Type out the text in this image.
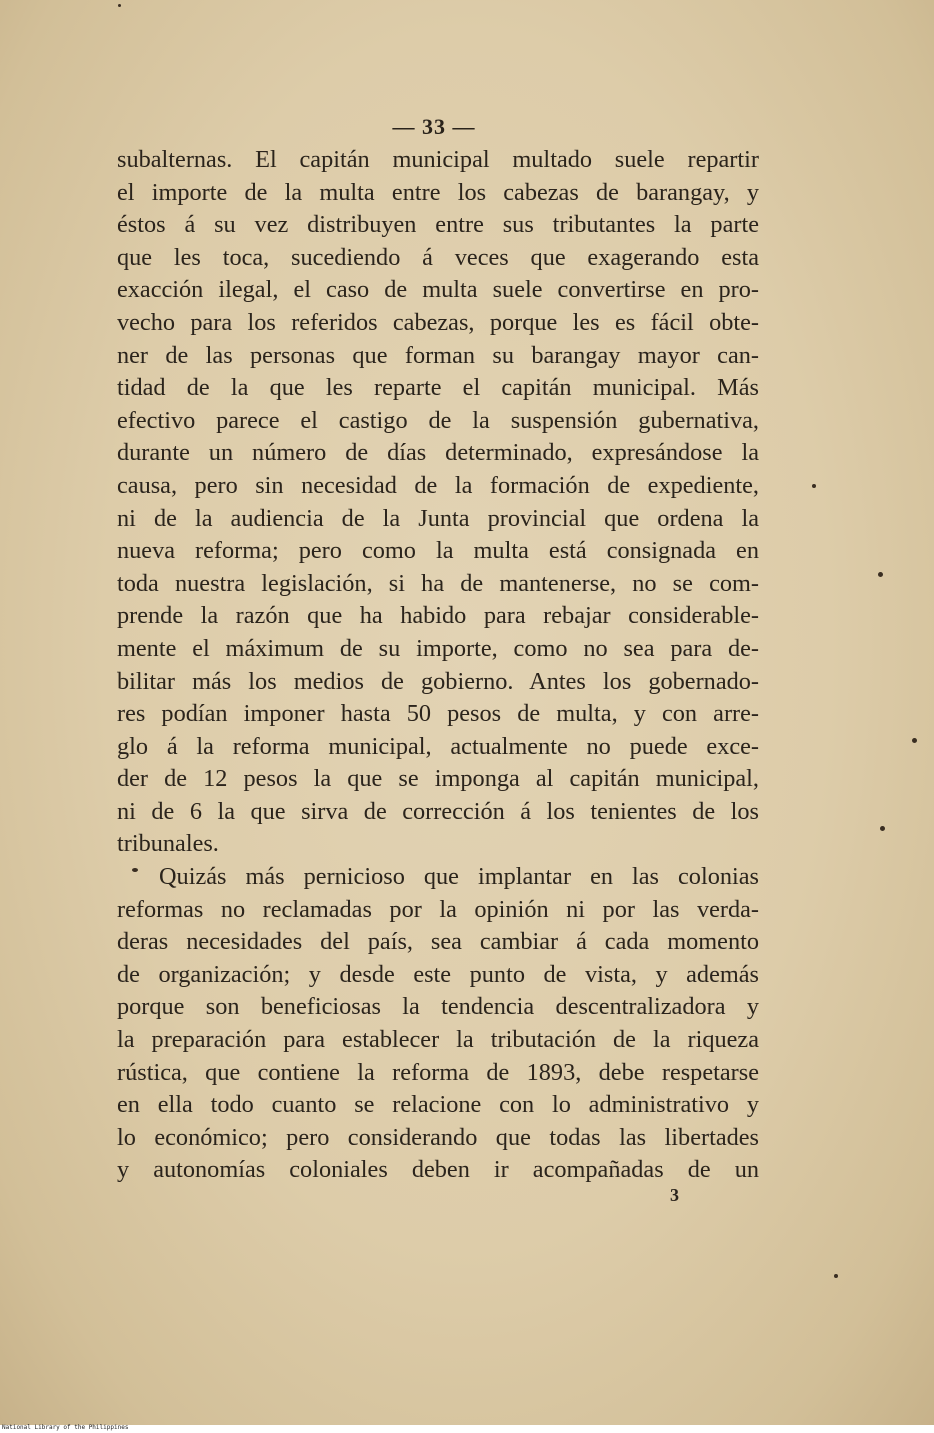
— 33 —
subalternas. El capitán municipal multado suele repartir
el importe de la multa entre los cabezas de barangay, y
éstos á su vez distribuyen entre sus tributantes la parte
que les toca, sucediendo á veces que exagerando esta
exacción ilegal, el caso de multa suele convertirse en pro-
vecho para los referidos cabezas, porque les es fácil obte-
ner de las personas que forman su barangay mayor can-
tidad de la que les reparte el capitán municipal. Más
efectivo parece el castigo de la suspensión gubernativa,
durante un número de días determinado, expresándose la
causa, pero sin necesidad de la formación de expediente,
ni de la audiencia de la Junta provincial que ordena la
nueva reforma; pero como la multa está consignada en
toda nuestra legislación, si ha de mantenerse, no se com-
prende la razón que ha habido para rebajar considerable-
mente el máximum de su importe, como no sea para de-
bilitar más los medios de gobierno. Antes los gobernado-
res podían imponer hasta 50 pesos de multa, y con arre-
glo á la reforma municipal, actualmente no puede exce-
der de 12 pesos la que se imponga al capitán municipal,
ni de 6 la que sirva de corrección á los tenientes de los
tribunales.
Quizás más pernicioso que implantar en las colonias
reformas no reclamadas por la opinión ni por las verda-
deras necesidades del país, sea cambiar á cada momento
de organización; y desde este punto de vista, y además
porque son beneficiosas la tendencia descentralizadora y
la preparación para establecer la tributación de la riqueza
rústica, que contiene la reforma de 1893, debe respetarse
en ella todo cuanto se relacione con lo administrativo y
lo económico; pero considerando que todas las libertades
y autonomías coloniales deben ir acompañadas de un
3
National Library of the Philippines
